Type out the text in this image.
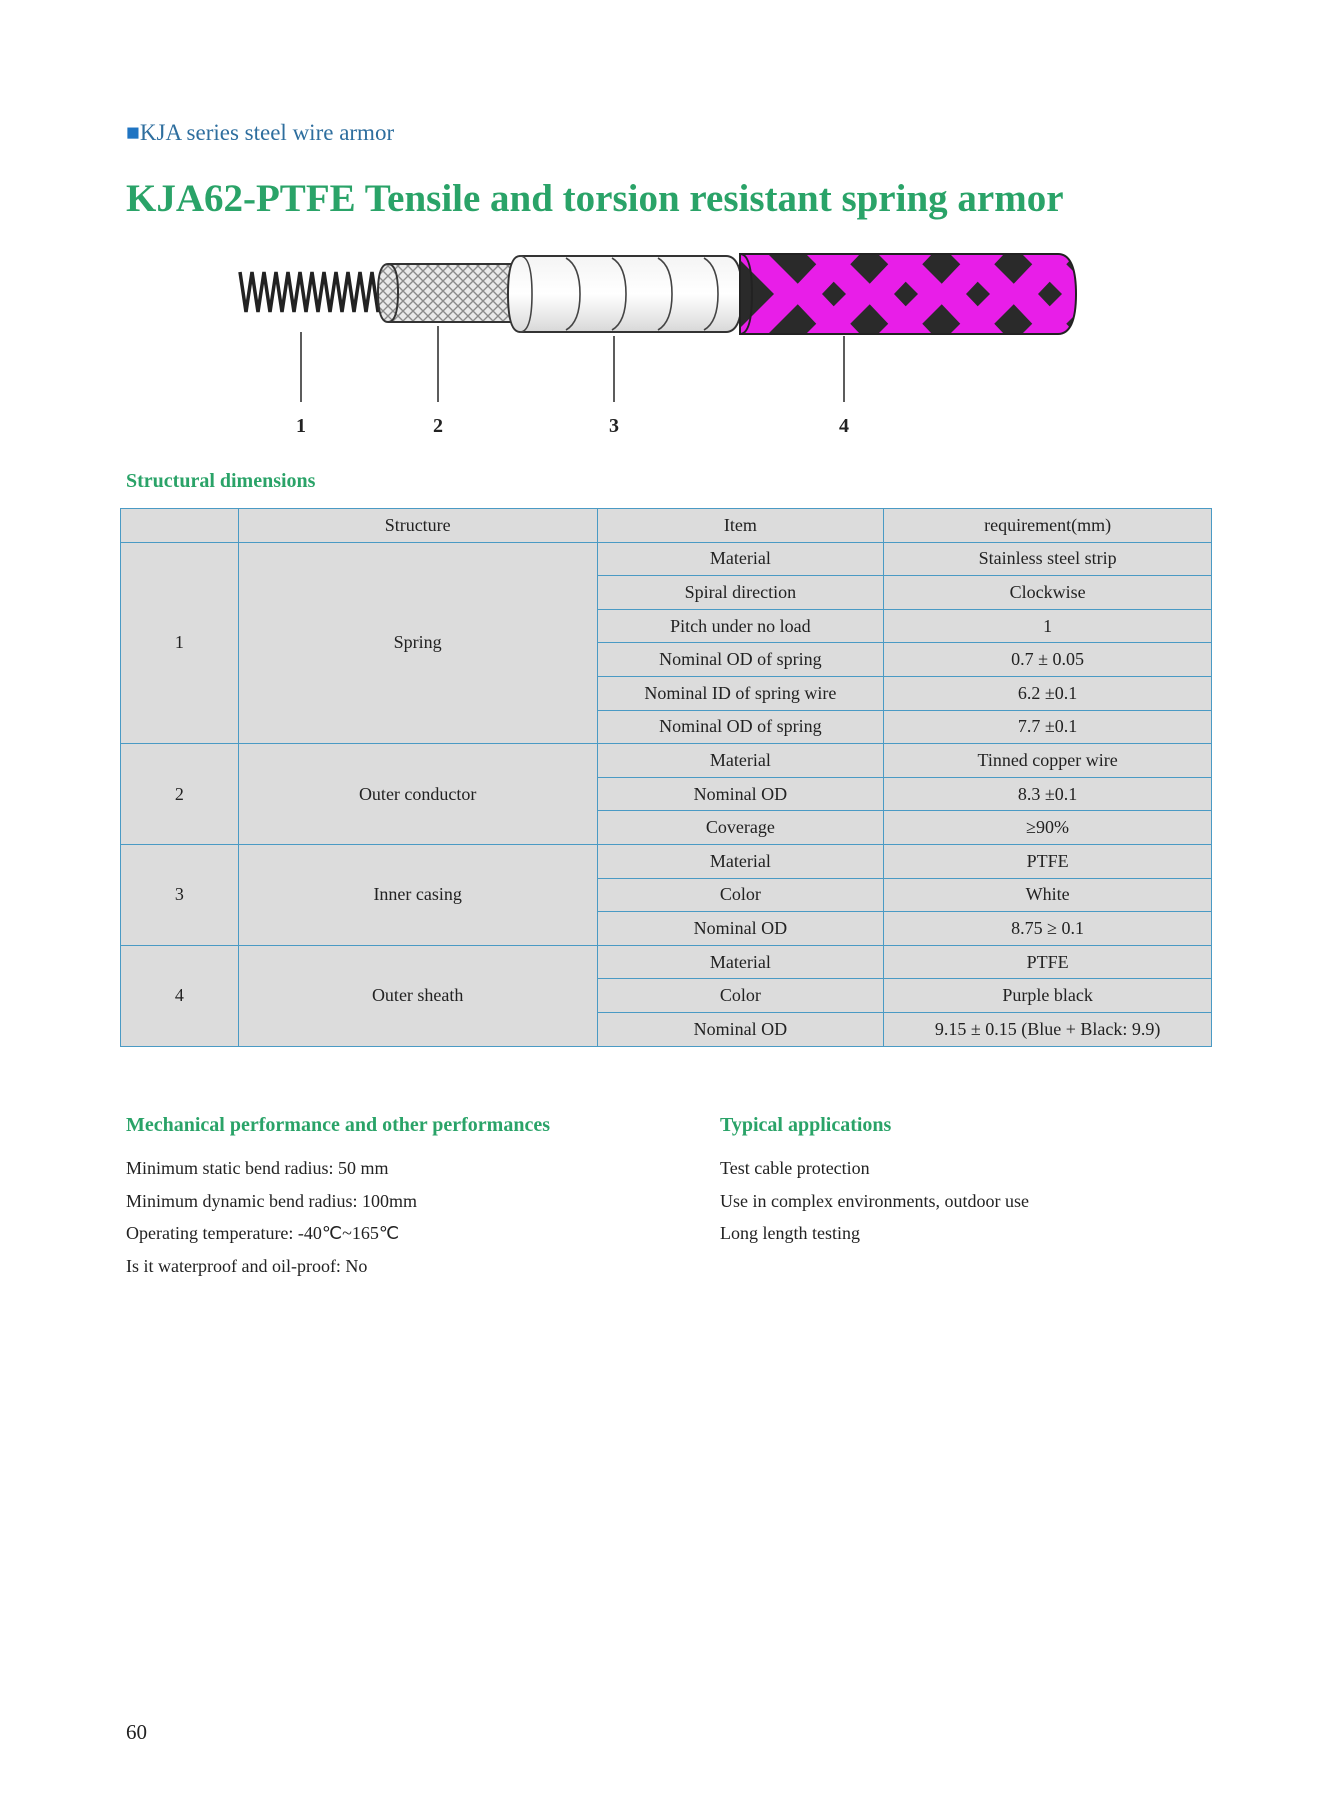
■KJA series steel wire armor
KJA62-PTFE Tensile and torsion resistant spring armor
1	2	3	4
Structural dimensions
	Structure	Item	requirement(mm)
1	Spring	Material	Stainless steel strip
		Spiral direction	Clockwise
		Pitch under no load	1
		Nominal OD of spring	0.7 ± 0.05
		Nominal ID of spring wire	6.2 ±0.1
		Nominal OD of spring	7.7 ±0.1
2	Outer conductor	Material	Tinned copper wire
		Nominal OD	8.3 ±0.1
		Coverage	≥90%
3	Inner casing	Material	PTFE
		Color	White
		Nominal OD	8.75 ≥ 0.1
4	Outer sheath	Material	PTFE
		Color	Purple black
		Nominal OD	9.15 ± 0.15 (Blue + Black: 9.9)
Mechanical performance and other performances
Minimum static bend radius: 50 mm
Minimum dynamic bend radius: 100mm
Operating temperature: -40℃~165℃
Is it waterproof and oil-proof: No
Typical applications
Test cable protection
Use in complex environments, outdoor use
Long length testing
60
